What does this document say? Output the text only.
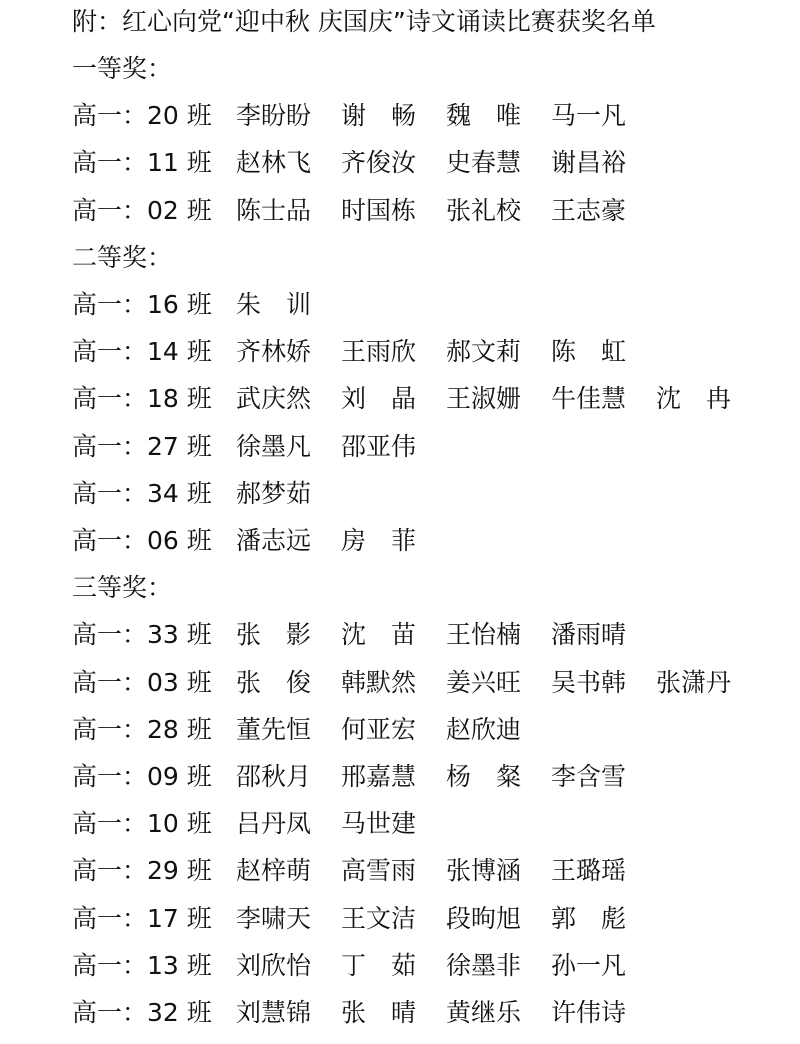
附：红心向党“迎中秋 庆国庆”诗文诵读比赛获奖名单
一等奖：
高一：20 班 李盼盼	谢　畅	魏　唯	马一凡
高一：11 班 赵林飞	齐俊汝	史春慧	谢昌裕
高一：02 班 陈士品	时国栋	张礼校	王志豪
二等奖：
高一：16 班 朱　训
高一：14 班 齐林娇	王雨欣	郝文莉	陈　虹
高一：18 班 武庆然	刘　晶	王淑姗	牛佳慧	沈　冉
高一：27 班 徐墨凡	邵亚伟
高一：34 班 郝梦茹
高一：06 班 潘志远	房　菲
三等奖：
高一：33 班 张　影	沈　苗	王怡楠	潘雨晴
高一：03 班 张　俊	韩默然	姜兴旺	吴书韩	张潇丹
高一：28 班 董先恒	何亚宏	赵欣迪
高一：09 班 邵秋月	邢嘉慧	杨　粲	李含雪
高一：10 班 吕丹凤	马世建
高一：29 班 赵梓萌	高雪雨	张博涵	王璐瑶
高一：17 班 李啸天	王文洁	段昫旭	郭　彪
高一：13 班 刘欣怡	丁　茹	徐墨非	孙一凡
高一：32 班 刘慧锦	张　晴	黄继乐	许伟诗
